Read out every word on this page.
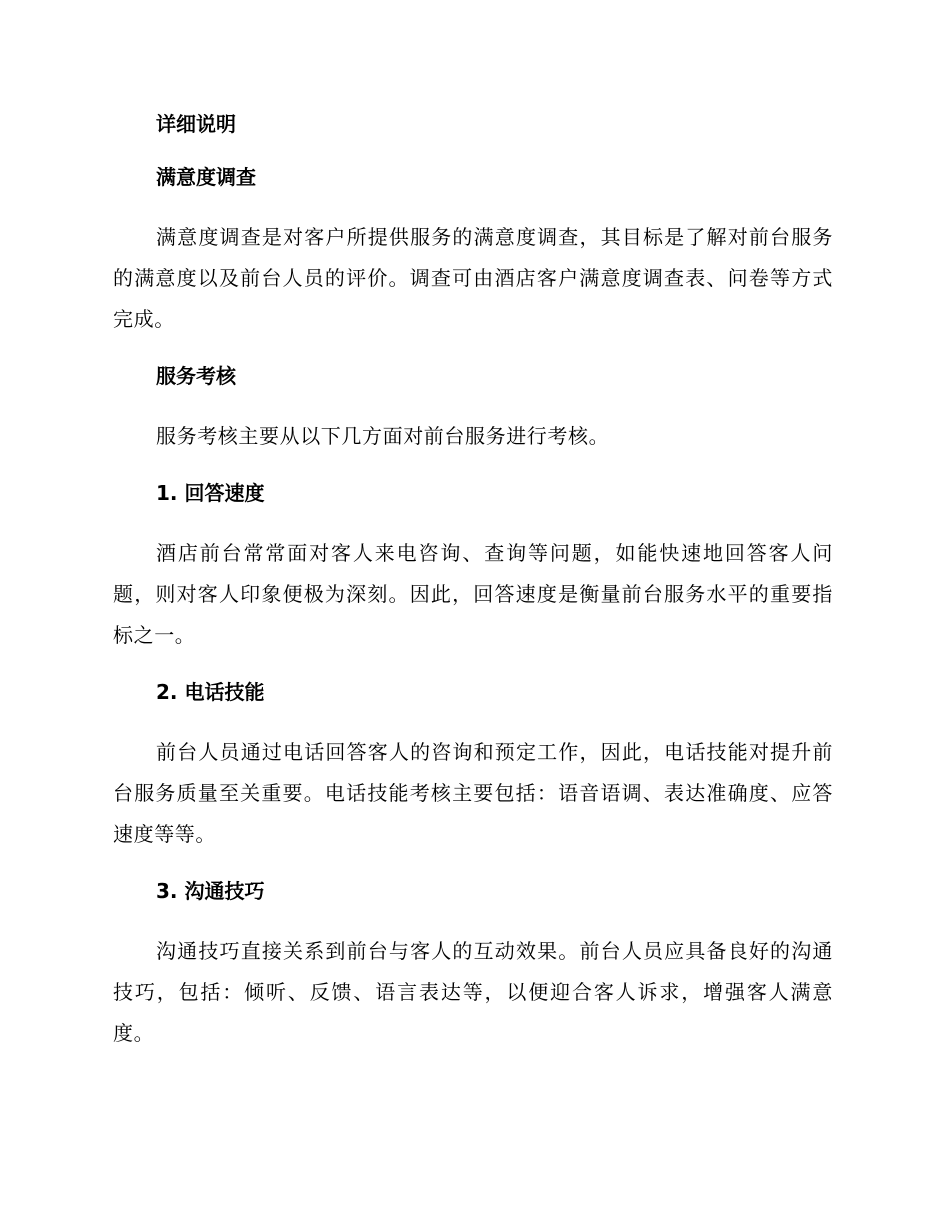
详细说明
满意度调查

满意度调查是对客户所提供服务的满意度调查，其目标是了解对前台服务的满意度以及前台人员的评价。调查可由酒店客户满意度调查表、问卷等方式完成。

服务考核

服务考核主要从以下几方面对前台服务进行考核。

1. 回答速度

酒店前台常常面对客人来电咨询、查询等问题，如能快速地回答客人问题，则对客人印象便极为深刻。因此，回答速度是衡量前台服务水平的重要指标之一。

2. 电话技能

前台人员通过电话回答客人的咨询和预定工作，因此，电话技能对提升前台服务质量至关重要。电话技能考核主要包括：语音语调、表达准确度、应答速度等等。

3. 沟通技巧

沟通技巧直接关系到前台与客人的互动效果。前台人员应具备良好的沟通技巧，包括：倾听、反馈、语言表达等，以便迎合客人诉求，增强客人满意度。
